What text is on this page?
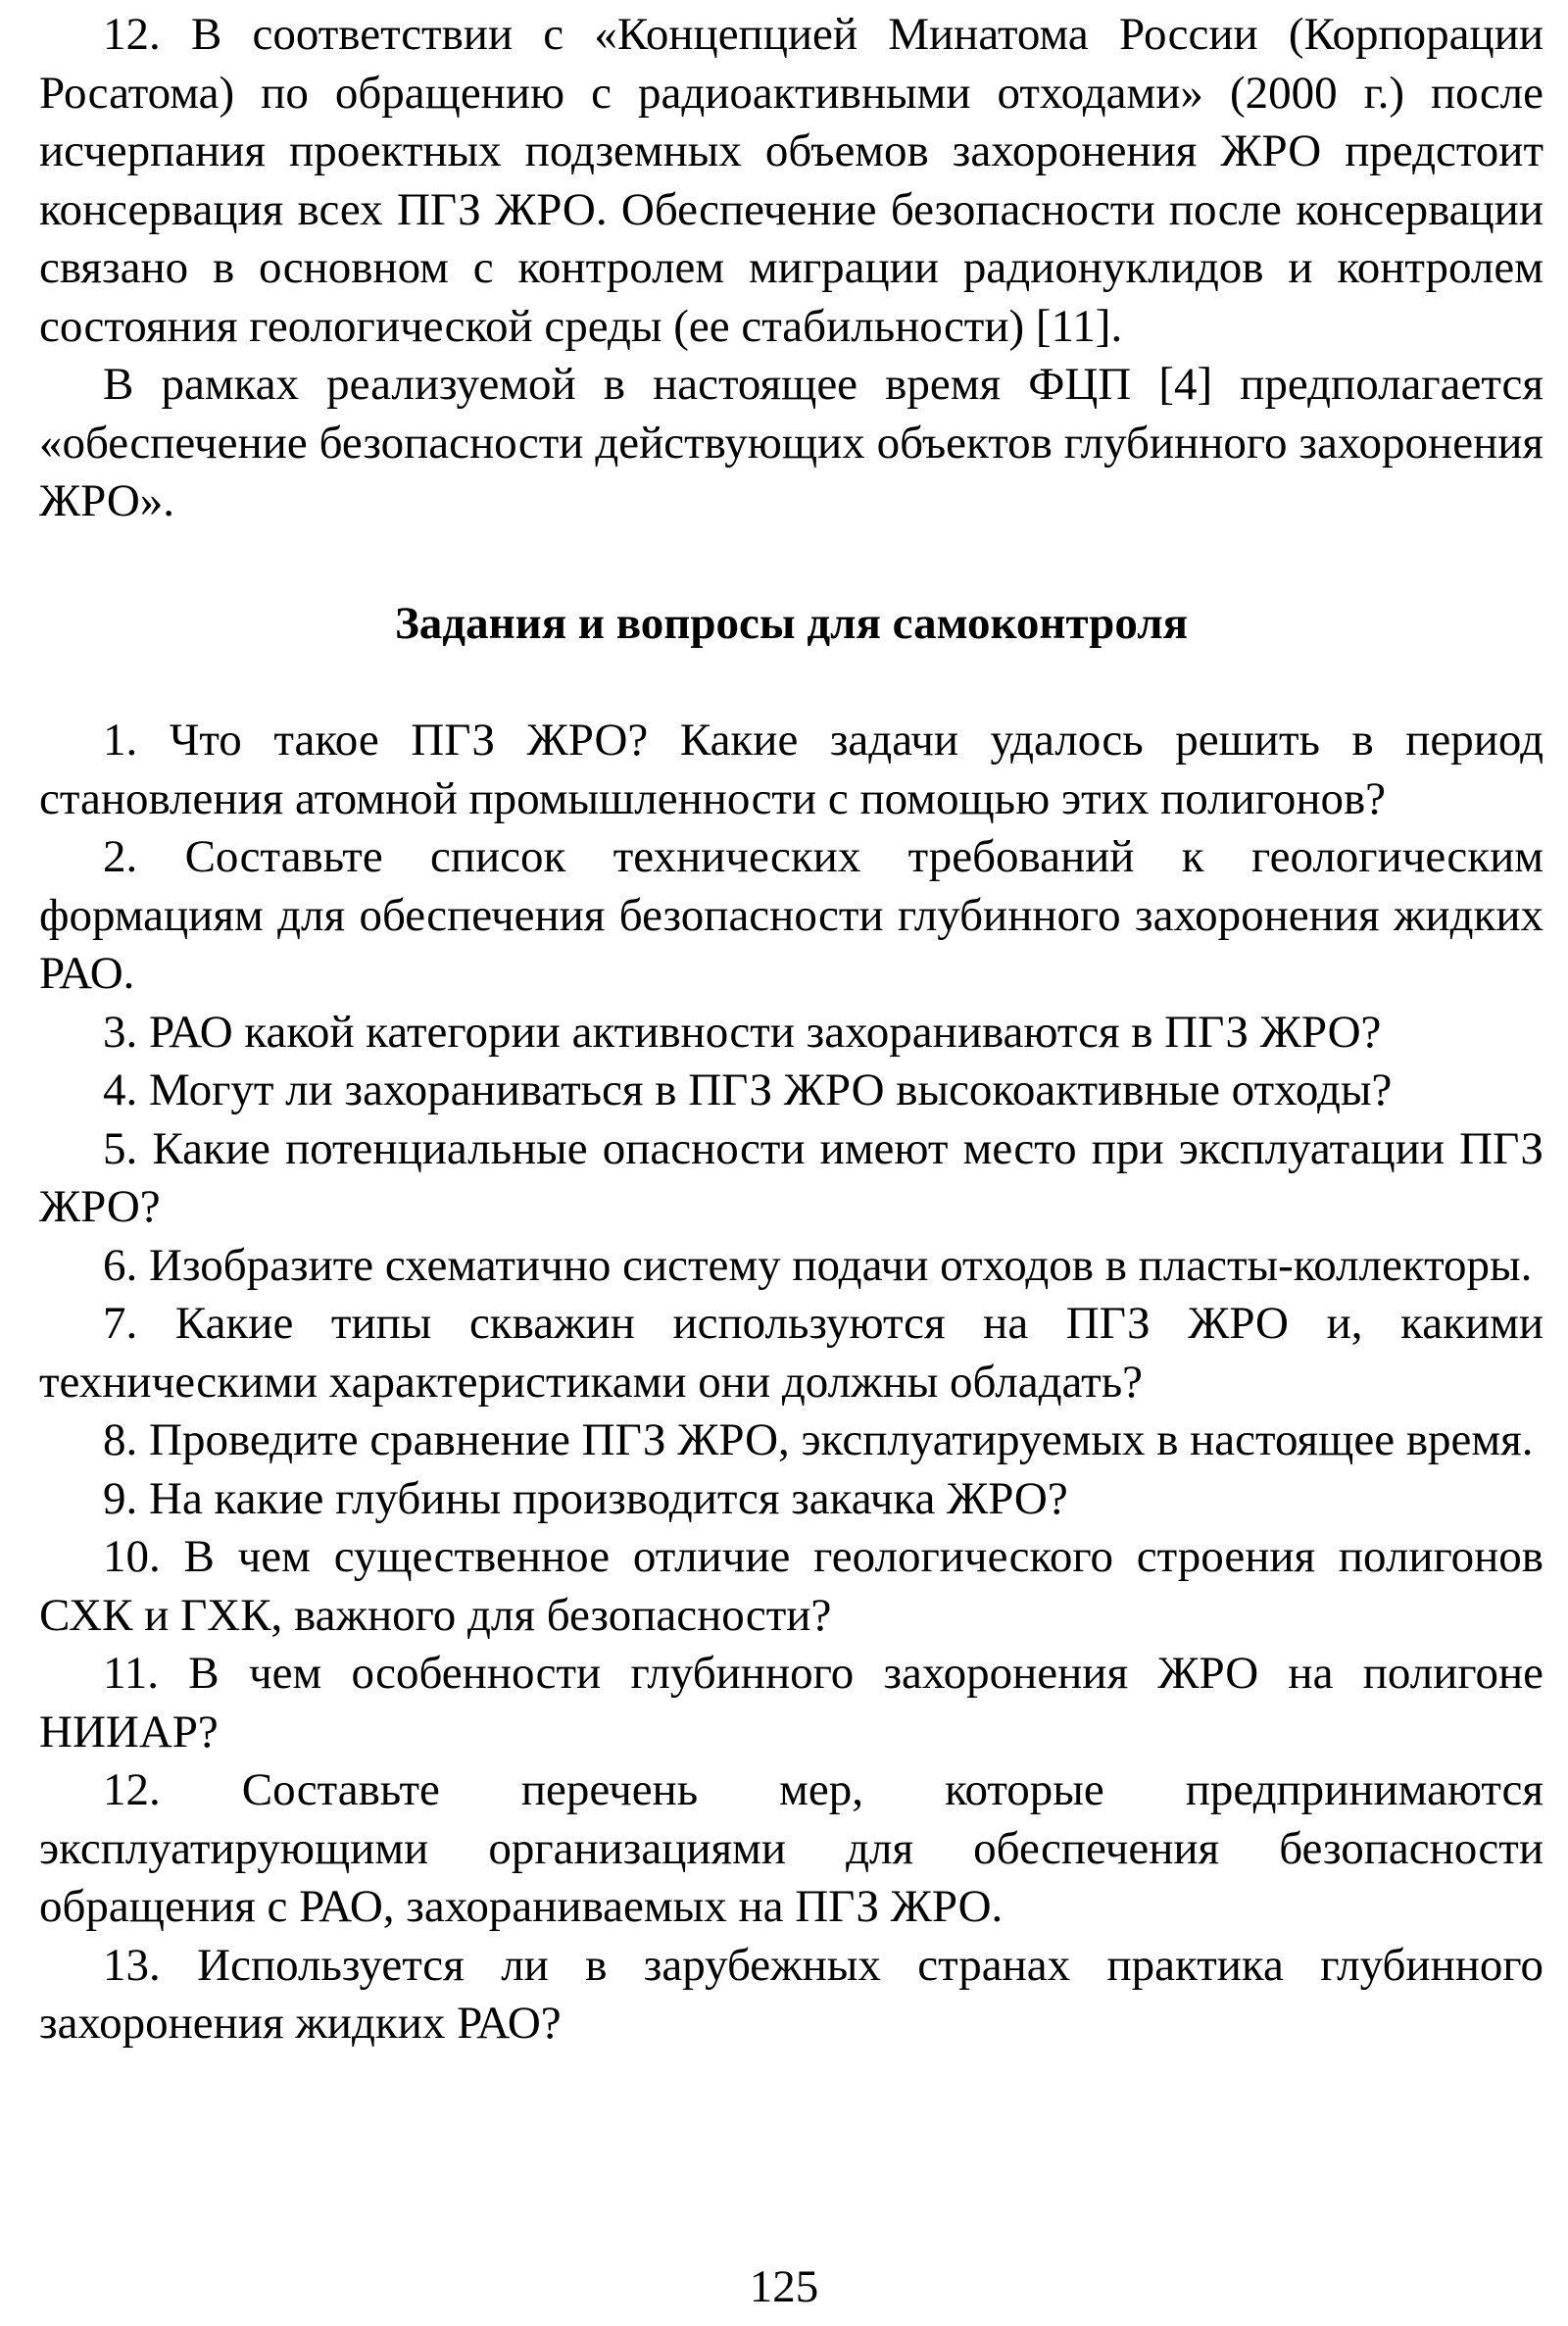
12. В соответствии с «Концепцией Минатома России (Корпорации Росатома) по обращению с радиоактивными отходами» (2000 г.) после исчерпания проектных подземных объемов захоронения ЖРО предстоит консервация всех ПГЗ ЖРО. Обеспечение безопасности после консервации связано в основном с контролем миграции радионуклидов и контролем состояния геологической среды (ее стабильности) [11].

В рамках реализуемой в настоящее время ФЦП [4] предполагается «обеспечение безопасности действующих объектов глубинного захоронения ЖРО».

Задания и вопросы для самоконтроля

1. Что такое ПГЗ ЖРО? Какие задачи удалось решить в период становления атомной промышленности с помощью этих полигонов?

2. Составьте список технических требований к геологическим формациям для обеспечения безопасности глубинного захоронения жидких РАО.

3. РАО какой категории активности захораниваются в ПГЗ ЖРО?

4. Могут ли захораниваться в ПГЗ ЖРО высокоактивные отходы?

5. Какие потенциальные опасности имеют место при эксплуатации ПГЗ ЖРО?

6. Изобразите схематично систему подачи отходов в пласты-коллекторы.

7. Какие типы скважин используются на ПГЗ ЖРО и, какими техническими характеристиками они должны обладать?

8. Проведите сравнение ПГЗ ЖРО, эксплуатируемых в настоящее время.

9. На какие глубины производится закачка ЖРО?

10. В чем существенное отличие геологического строения полигонов СХК и ГХК, важного для безопасности?

11. В чем особенности глубинного захоронения ЖРО на полигоне НИИАР?

12. Составьте перечень мер, которые предпринимаются эксплуатирующими организациями для обеспечения безопасности обращения с РАО, захораниваемых на ПГЗ ЖРО.

13. Используется ли в зарубежных странах практика глубинного захоронения жидких РАО?

125
